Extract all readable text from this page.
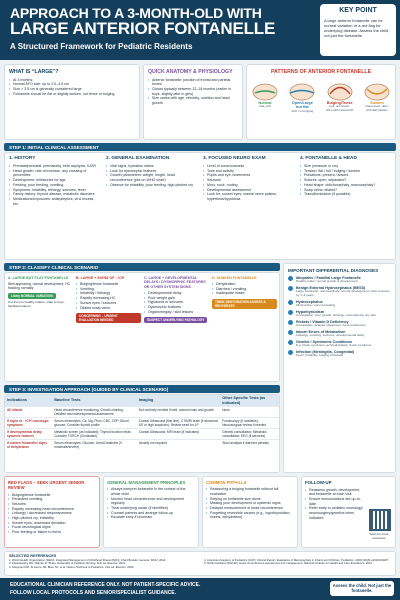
APPROACH TO A 3-MONTH-OLD WITH
LARGE ANTERIOR FONTANELLE
A Structured Framework for Pediatric Residents
KEY POINT
A large anterior fontanelle can be normal variation or a red flag for underlying disease. Assess the child, not just the fontanelle.
WHAT IS “LARGE”?
• At 3 months:
• Normal AFO size: up to 2.5–3.5 cm
• Size > 3.5 cm is generally considered large
• Fontanelle should be flat or slightly sunken, not tense or bulging
QUICK ANATOMY & PHYSIOLOGY
• Anterior fontanelle: junction of frontal and parietal bones
• Closes typically between 12–18 months (earlier in boys, slightly later in girls)
• Size varies with age, ethnicity, nutrition and head growth
PATTERNS OF ANTERIOR FONTANELLE
Normal
Flat, soft
Open/Large but flat
Soft, not bulging
Bulging/Tense
Full, prominent, often with raised ICP
Sunken
Depressed, often with dehydration
STEP 1: INITIAL CLINICAL ASSESSMENT
1. HISTORY
• Prenatal/perinatal: prematurity, birth asphyxia, IUGR
• Head growth: rate of increase, any crossing of percentiles
• Development: milestones for age
• Feeding: poor feeding, vomiting
• Symptoms: irritability, lethargy, seizures, fever
• Family history: thyroid disease, metabolic disorders
• Medications/exposures: antiepileptics, vit A excess, etc.
2. GENERAL EXAMINATION
• Vital signs, hydration status
• Look for dysmorphic features
• Growth parameters: weight, length, head circumference (plot on WHO chart)
• Observe for irritability, poor feeding, high-pitched cry
3. FOCUSED NEURO EXAM
• Level of consciousness
• Tone and activity
• Pupils and eye movements
• Seizures
• Moro, suck, rooting
• Developmental assessment
• Look for: sunset eyes, cranial nerve palsies, hypertonia/hypotonia
4. FONTANELLE & HEAD
• Size (measure in cm)
• Tension: flat / full / bulging / sunken
• Pulsations: present / absent
• Sutures: open, separated?
• Head shape: dolichocephaly, macrocephaly?
• Scalp veins: dilated?
• Transillumination (if possible)
STEP 2: CLASSIFY CLINICAL SCENARIO
A. LARGE BUT FLAT FONTANELLE
Well-appearing, normal development, HC tracking normally
Likely NORMAL VARIATION
Common in healthy infants, male in boys, familial tendency
B. LARGE + SIGNS OF ↑ ICP
• Bulging/tense fontanelle
• Vomiting
• Irritability / lethargy
• Rapidly increasing HC
• Sunset eyes / seizures
• Dilated scalp veins
CONCERNING – URGENT EVALUATION NEEDED
C. LARGE + DEVELOPMENTAL DELAYS / DYSMORPHIC FEATURES OR OTHER SYSTEM SIGNS
• Developmental delay
• Poor weight gain
• Hypotonia or seizures
• Dysmorphic features
• Organomegaly / skin lesions
SUSPECT UNDERLYING PATHOLOGY
D. SUNKEN FONTANELLE
• Dehydration
• Diarrhea / vomiting
• Inadequate intake
THINK DEHYDRATION ASSESS & REHYDRATE
IMPORTANT DIFFERENTIAL DIAGNOSES
Idiopathic / Familial Large Fontanelle
Healthy infant, normal growth & development
Benign External Hydrocephalus (BESS)
Large fontanelle, macrocephaly, normal development, often resolves by 1–2 years
Hydrocephalus
Obstructive / communicating
Hypothyroidism
Constipation, poor growth, lethargy, macroglossia, dry skin
Rickets / Vitamin D Deficiency
Craniotabes, delayed milestones, bone tenderness
Inborn Errors of Metabolism
Lethargy, vomiting, seizures, developmental delay
Genetic / Syndromic Conditions
E.g. Down syndrome, achondroplasia, Sotos syndrome
Infection (Meningitis, Congenital)
Fever, irritability, bulging fontanelle
STEP 3: INVESTIGATION APPROACH (GUIDED BY CLINICAL SCENARIO)
Indications	Baseline Tests	Imaging	Other Specific Tests (as indicated)
All infants	Head circumference monitoring; Growth charting; Detailed neurodevelopmental assessment	Not routinely needed if well, normal exam and growth	None
If signs of ↑ ICP/ neurologic symptoms	Serum electrolytes, Ca, Mg, Phos; CBC, CRP; Blood glucose; Consider thyroid profile	Cranial Ultrasound (first line); CT/MRI brain (if abnormal US or high suspicion); Review need for LP	Fundoscopy (if available); Neurosurgical review if needed
If developmental delay/ systemic features	Metabolic screen (as indicated); Thyroid function tests; Consider TORCH (if indicated)	Cranial Ultrasound; MRI brain (if indicated)	Genetic consultation; Metabolic consultation; EEG (if seizures)
If sunken fontanelle/ signs of dehydration	Serum electrolytes; Glucose; Urea/Creatinine (if moderate/severe)	Usually not required	Stool analysis if diarrhea persists
RED FLAGS – SEEK URGENT SENIOR REVIEW
• Bulging/tense fontanelle
• Persistent vomiting
• Seizures
• Rapidly increasing head circumference
• Lethargy / decreased responsiveness
• High-pitched cry, irritability
• Sunset eyes, downward deviation
• Focal neurological signs
• Poor feeding or failure to thrive
GENERAL MANAGEMENT PRINCIPLES
• Always interpret fontanelle in the context of the whole child
• Monitor head circumference and development regularly
• Treat underlying cause (if identified)
• Counsel parents and arrange follow-up
• Escalate early if uncertain
COMMON PITFALLS
• Reassuring a bulging fontanelle without full evaluation
• Relying on fontanelle size alone
• Missing poor development or systemic signs
• Delayed measurement of head circumference
• Forgetting reversible causes (e.g., hypothyroidism, rickets, dehydration)
FOLLOW-UP
• Reassess growth, development, and fontanelle at each visit
• Ensure immunizations are up-to-date
• Refer early to pediatric neurology/ neurosurgery/genetics when indicated
Scan for more resources
SELECTED REFERENCES
1. World Health Organization (WHO). Integrated Management of Childhood Illness (IMCI). Chart Booklet. Geneva: WHO; 2014.
2. Kiesielewsky RG, Dillman D. Sharp: Essentials of Pediatric Nursing. 11th ed. Elsevier; 2021.
3. Kliegman RM, St Geme JW, Blum NJ, et al. Nelson Textbook of Pediatrics. 21st ed. Elsevier; 2020.
4. American Academy of Pediatrics (AAP). Clinical Report: Evaluation of Macrocephaly in Infants and Children. Pediatrics. 2020;146(6):e2020014027.
5. NICE Guideline [NG192]. Head circumference assessment and management. National Institute for Health and Care Excellence. 2021.
EDUCATIONAL CLINICIAN REFERENCE ONLY. NOT PATIENT-SPECIFIC ADVICE.
FOLLOW LOCAL PROTOCOLS AND SENIOR/SPECIALIST GUIDANCE.
Assess the child. Not just the fontanelle.
